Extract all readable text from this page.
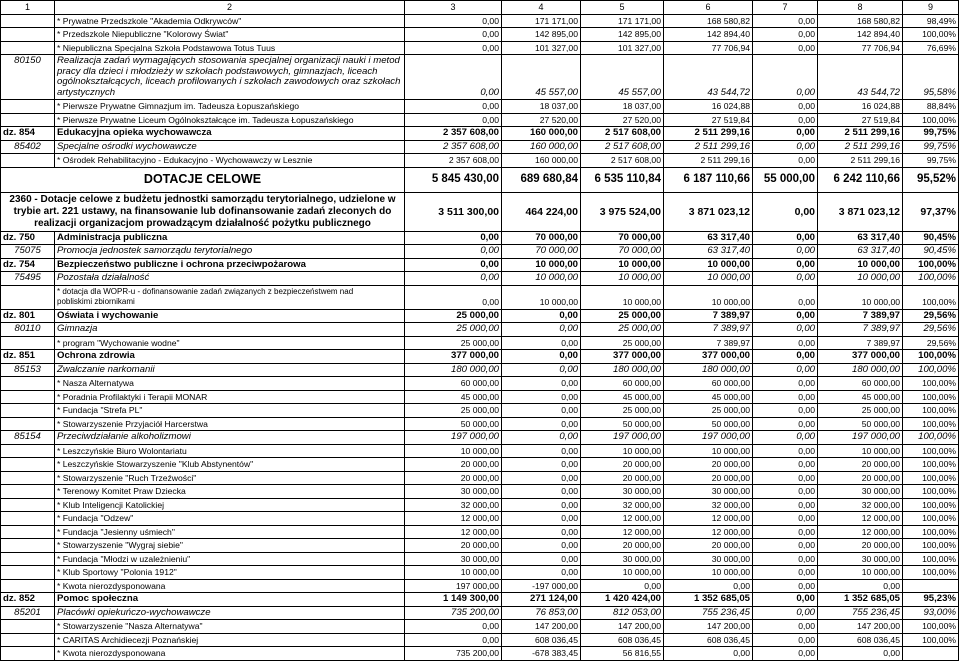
1	2	3	4	5	6	7	8	9
	* Prywatne Przedszkole "Akademia Odkrywców"	0,00	171 171,00	171 171,00	168 580,82	0,00	168 580,82	98,49%
	* Przedszkole Niepubliczne "Kolorowy Świat"	0,00	142 895,00	142 895,00	142 894,40	0,00	142 894,40	100,00%
	* Niepubliczna Specjalna Szkoła Podstawowa Totus Tuus	0,00	101 327,00	101 327,00	77 706,94	0,00	77 706,94	76,69%
80150	Realizacja zadań wymagających stosowania specjalnej organizacji nauki i metod pracy dla dzieci i młodzieży w szkołach podstawowych, gimnazjach, liceach ogólnokształcących, liceach profilowanych i szkołach zawodowych oraz szkołach artystycznych	0,00	45 557,00	45 557,00	43 544,72	0,00	43 544,72	95,58%
	* Pierwsze Prywatne Gimnazjum im. Tadeusza Łopuszańskiego	0,00	18 037,00	18 037,00	16 024,88	0,00	16 024,88	88,84%
	* Pierwsze Prywatne Liceum Ogólnokształcące im. Tadeusza Łopuszańskiego	0,00	27 520,00	27 520,00	27 519,84	0,00	27 519,84	100,00%
dz. 854	Edukacyjna opieka wychowawcza	2 357 608,00	160 000,00	2 517 608,00	2 511 299,16	0,00	2 511 299,16	99,75%
85402	Specjalne ośrodki wychowawcze	2 357 608,00	160 000,00	2 517 608,00	2 511 299,16	0,00	2 511 299,16	99,75%
	* Ośrodek Rehabilitacyjno - Edukacyjno - Wychowawczy w Lesznie	2 357 608,00	160 000,00	2 517 608,00	2 511 299,16	0,00	2 511 299,16	99,75%
DOTACJE CELOWE		5 845 430,00	689 680,84	6 535 110,84	6 187 110,66	55 000,00	6 242 110,66	95,52%
2360 - Dotacje celowe z budżetu jednostki samorządu terytorialnego, udzielone w trybie art. 221 ustawy, na finansowanie lub dofinansowanie zadań zleconych do realizacji organizacjom prowadzącym działalność pożytku publicznego		3 511 300,00	464 224,00	3 975 524,00	3 871 023,12	0,00	3 871 023,12	97,37%
dz. 750	Administracja publiczna	0,00	70 000,00	70 000,00	63 317,40	0,00	63 317,40	90,45%
75075	Promocja jednostek samorządu terytorialnego	0,00	70 000,00	70 000,00	63 317,40	0,00	63 317,40	90,45%
dz. 754	Bezpieczeństwo publiczne i ochrona przeciwpożarowa	0,00	10 000,00	10 000,00	10 000,00	0,00	10 000,00	100,00%
75495	Pozostała działalność	0,00	10 000,00	10 000,00	10 000,00	0,00	10 000,00	100,00%

	* dotacja dla WOPR-u - dofinansowanie zadań związanych z bezpieczeństwem nad
pobliskimi zbiornikami	0,00	10 000,00	10 000,00	10 000,00	0,00	10 000,00	100,00%
dz. 801	Oświata i wychowanie	25 000,00	0,00	25 000,00	7 389,97	0,00	7 389,97	29,56%
80110	Gimnazja	25 000,00	0,00	25 000,00	7 389,97	0,00	7 389,97	29,56%
	* program "Wychowanie wodne"	25 000,00	0,00	25 000,00	7 389,97	0,00	7 389,97	29,56%
dz. 851	Ochrona zdrowia	377 000,00	0,00	377 000,00	377 000,00	0,00	377 000,00	100,00%
85153	Zwalczanie narkomanii	180 000,00	0,00	180 000,00	180 000,00	0,00	180 000,00	100,00%
	* Nasza Alternatywa	60 000,00	0,00	60 000,00	60 000,00	0,00	60 000,00	100,00%
	* Poradnia Profilaktyki i Terapii MONAR	45 000,00	0,00	45 000,00	45 000,00	0,00	45 000,00	100,00%
	* Fundacja "Strefa PL"	25 000,00	0,00	25 000,00	25 000,00	0,00	25 000,00	100,00%
	* Stowarzyszenie Przyjaciół Harcerstwa	50 000,00	0,00	50 000,00	50 000,00	0,00	50 000,00	100,00%
85154	Przeciwdziałanie alkoholizmowi	197 000,00	0,00	197 000,00	197 000,00	0,00	197 000,00	100,00%
	* Leszczyńskie Biuro Wolontariatu	10 000,00	0,00	10 000,00	10 000,00	0,00	10 000,00	100,00%
	* Leszczyńskie Stowarzyszenie "Klub Abstynentów"	20 000,00	0,00	20 000,00	20 000,00	0,00	20 000,00	100,00%
	* Stowarzyszenie "Ruch Trzeźwości"	20 000,00	0,00	20 000,00	20 000,00	0,00	20 000,00	100,00%
	* Terenowy Komitet Praw Dziecka	30 000,00	0,00	30 000,00	30 000,00	0,00	30 000,00	100,00%
	* Klub Inteligencji Katolickiej	32 000,00	0,00	32 000,00	32 000,00	0,00	32 000,00	100,00%
	* Fundacja "Odzew"	12 000,00	0,00	12 000,00	12 000,00	0,00	12 000,00	100,00%
	* Fundacja "Jesienny uśmiech"	12 000,00	0,00	12 000,00	12 000,00	0,00	12 000,00	100,00%
	* Stowarzyszenie "Wygraj siebie"	20 000,00	0,00	20 000,00	20 000,00	0,00	20 000,00	100,00%
	* Fundacja "Młodzi w uzależnieniu"	30 000,00	0,00	30 000,00	30 000,00	0,00	30 000,00	100,00%
	* Klub Sportowy "Polonia 1912"	10 000,00	0,00	10 000,00	10 000,00	0,00	10 000,00	100,00%
	* Kwota nierozdysponowana	197 000,00	-197 000,00	0,00	0,00	0,00	0,00	
dz. 852	Pomoc społeczna	1 149 300,00	271 124,00	1 420 424,00	1 352 685,05	0,00	1 352 685,05	95,23%
85201	Placówki opiekuńczo-wychowawcze	735 200,00	76 853,00	812 053,00	755 236,45	0,00	755 236,45	93,00%
	* Stowarzyszenie "Nasza Alternatywa"	0,00	147 200,00	147 200,00	147 200,00	0,00	147 200,00	100,00%
	* CARITAS Archidiecezji Poznańskiej	0,00	608 036,45	608 036,45	608 036,45	0,00	608 036,45	100,00%
	* Kwota nierozdysponowana	735 200,00	-678 383,45	56 816,55	0,00	0,00	0,00	
